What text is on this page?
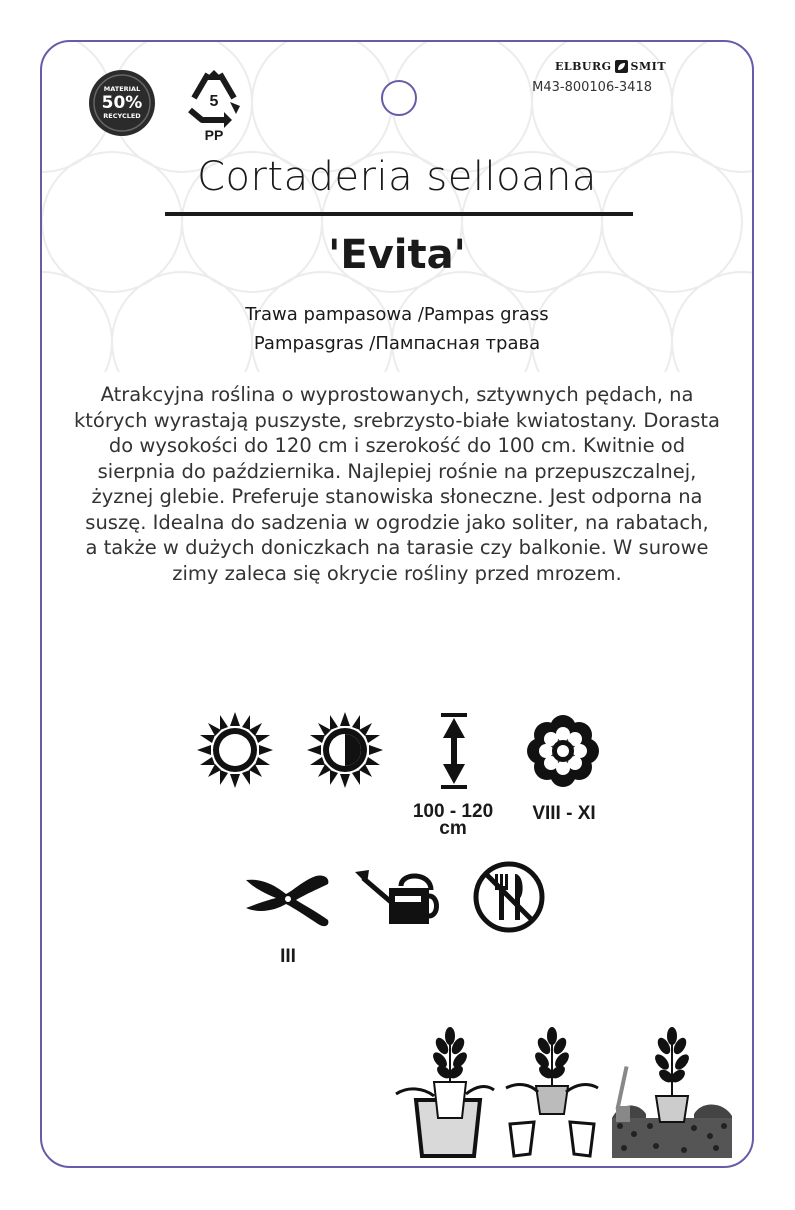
MATERIAL
50%
RECYCLED
5
PP
ELBURG SMIT
M43-800106-3418
Cortaderia selloana
'Evita'
Trawa pampasowa /Pampas grass
Pampasgras /Пампасная трава
Atrakcyjna roślina o wyprostowanych, sztywnych pędach, na
których wyrastają puszyste, srebrzysto-białe kwiatostany. Dorasta
do wysokości do 120 cm i szerokość do 100 cm. Kwitnie od
sierpnia do października. Najlepiej rośnie na przepuszczalnej,
żyznej glebie. Preferuje stanowiska słoneczne. Jest odporna na
suszę. Idealna do sadzenia w ogrodzie jako soliter, na rabatach,
a także w dużych doniczkach na tarasie czy balkonie. W surowe
zimy zaleca się okrycie rośliny przed mrozem.
100 - 120
cm
VIII - XI
III
